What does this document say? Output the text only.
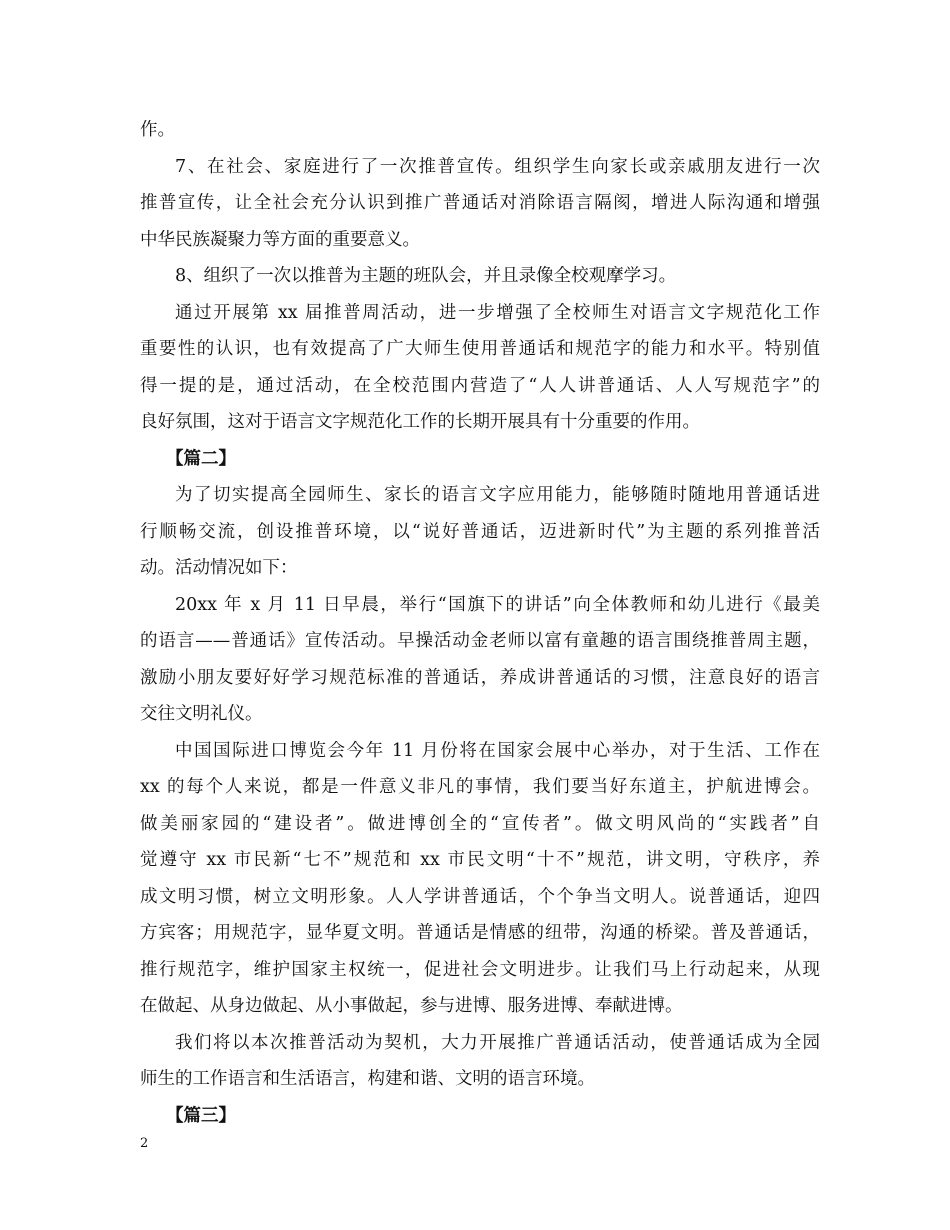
作。
7、在社会、家庭进行了一次推普宣传。组织学生向家长或亲戚朋友进行一次
推普宣传，让全社会充分认识到推广普通话对消除语言隔阂，增进人际沟通和增强
中华民族凝聚力等方面的重要意义。
8、组织了一次以推普为主题的班队会，并且录像全校观摩学习。
通过开展第 xx 届推普周活动，进一步增强了全校师生对语言文字规范化工作
重要性的认识，也有效提高了广大师生使用普通话和规范字的能力和水平。特别值
得一提的是，通过活动，在全校范围内营造了“人人讲普通话、人人写规范字”的
良好氛围，这对于语言文字规范化工作的长期开展具有十分重要的作用。
【篇二】
为了切实提高全园师生、家长的语言文字应用能力，能够随时随地用普通话进
行顺畅交流，创设推普环境，以“说好普通话，迈进新时代”为主题的系列推普活
动。活动情况如下：
20xx 年 x 月 11 日早晨，举行“国旗下的讲话”向全体教师和幼儿进行《最美
的语言——普通话》宣传活动。早操活动金老师以富有童趣的语言围绕推普周主题，
激励小朋友要好好学习规范标准的普通话，养成讲普通话的习惯，注意良好的语言
交往文明礼仪。
中国国际进口博览会今年 11 月份将在国家会展中心举办，对于生活、工作在
xx 的每个人来说，都是一件意义非凡的事情，我们要当好东道主，护航进博会。
做美丽家园的“建设者”。做进博创全的“宣传者”。做文明风尚的“实践者”自
觉遵守 xx 市民新“七不”规范和 xx 市民文明“十不”规范，讲文明，守秩序，养
成文明习惯，树立文明形象。人人学讲普通话，个个争当文明人。说普通话，迎四
方宾客；用规范字，显华夏文明。普通话是情感的纽带，沟通的桥梁。普及普通话，
推行规范字，维护国家主权统一，促进社会文明进步。让我们马上行动起来，从现
在做起、从身边做起、从小事做起，参与进博、服务进博、奉献进博。
我们将以本次推普活动为契机，大力开展推广普通话活动，使普通话成为全园
师生的工作语言和生活语言，构建和谐、文明的语言环境。
【篇三】
2
